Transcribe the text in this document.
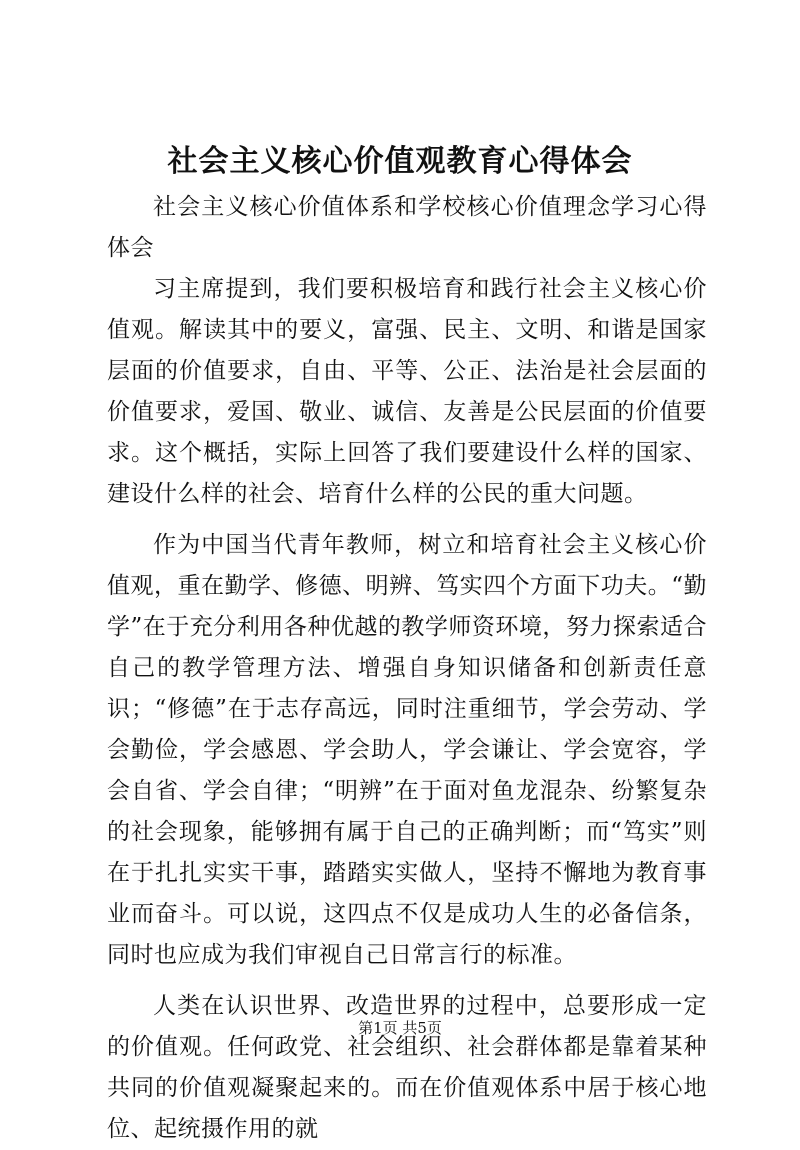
社会主义核心价值观教育心得体会

社会主义核心价值体系和学校核心价值理念学习心得体会

习主席提到，我们要积极培育和践行社会主义核心价值观。解读其中的要义，富强、民主、文明、和谐是国家层面的价值要求，自由、平等、公正、法治是社会层面的价值要求，爱国、敬业、诚信、友善是公民层面的价值要求。这个概括，实际上回答了我们要建设什么样的国家、建设什么样的社会、培育什么样的公民的重大问题。

作为中国当代青年教师，树立和培育社会主义核心价值观，重在勤学、修德、明辨、笃实四个方面下功夫。“勤学”在于充分利用各种优越的教学师资环境，努力探索适合自己的教学管理方法、增强自身知识储备和创新责任意识；“修德”在于志存高远，同时注重细节，学会劳动、学会勤俭，学会感恩、学会助人，学会谦让、学会宽容，学会自省、学会自律；“明辨”在于面对鱼龙混杂、纷繁复杂的社会现象，能够拥有属于自己的正确判断；而“笃实”则在于扎扎实实干事，踏踏实实做人，坚持不懈地为教育事业而奋斗。可以说，这四点不仅是成功人生的必备信条，同时也应成为我们审视自己日常言行的标准。

人类在认识世界、改造世界的过程中，总要形成一定的价值观。任何政党、社会组织、社会群体都是靠着某种共同的价值观凝聚起来的。而在价值观体系中居于核心地位、起统摄作用的就

第1页 共5页
